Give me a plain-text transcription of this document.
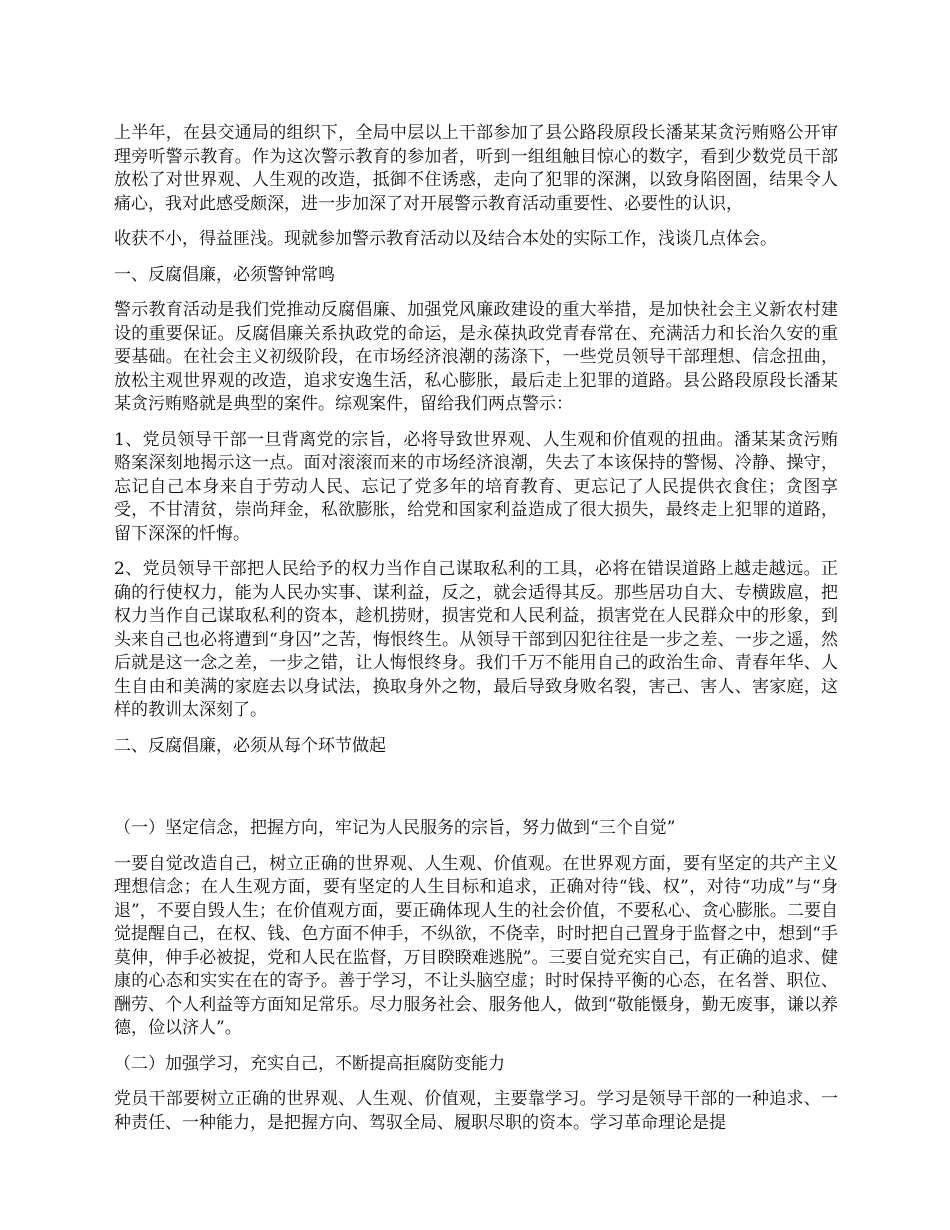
上半年，在县交通局的组织下，全局中层以上干部参加了县公路段原段长潘某某贪污贿赂公开审理旁听警示教育。作为这次警示教育的参加者，听到一组组触目惊心的数字，看到少数党员干部放松了对世界观、人生观的改造，抵御不住诱惑，走向了犯罪的深渊，以致身陷囹圄，结果令人痛心，我对此感受颇深，进一步加深了对开展警示教育活动重要性、必要性的认识，

收获不小，得益匪浅。现就参加警示教育活动以及结合本处的实际工作，浅谈几点体会。

一、反腐倡廉，必须警钟常鸣

警示教育活动是我们党推动反腐倡廉、加强党风廉政建设的重大举措，是加快社会主义新农村建设的重要保证。反腐倡廉关系执政党的命运，是永葆执政党青春常在、充满活力和长治久安的重要基础。在社会主义初级阶段，在市场经济浪潮的荡涤下，一些党员领导干部理想、信念扭曲，放松主观世界观的改造，追求安逸生活，私心膨胀，最后走上犯罪的道路。县公路段原段长潘某某贪污贿赂就是典型的案件。综观案件，留给我们两点警示：

1、党员领导干部一旦背离党的宗旨，必将导致世界观、人生观和价值观的扭曲。潘某某贪污贿赂案深刻地揭示这一点。面对滚滚而来的市场经济浪潮，失去了本该保持的警惕、冷静、操守，忘记自己本身来自于劳动人民、忘记了党多年的培育教育、更忘记了人民提供衣食住；贪图享受，不甘清贫，崇尚拜金，私欲膨胀，给党和国家利益造成了很大损失，最终走上犯罪的道路，留下深深的忏悔。

2、党员领导干部把人民给予的权力当作自己谋取私利的工具，必将在错误道路上越走越远。正确的行使权力，能为人民办实事、谋利益，反之，就会适得其反。那些居功自大、专横跋扈，把权力当作自己谋取私利的资本，趁机捞财，损害党和人民利益，损害党在人民群众中的形象，到头来自己也必将遭到“身囚”之苦，悔恨终生。从领导干部到囚犯往往是一步之差、一步之遥，然后就是这一念之差，一步之错，让人悔恨终身。我们千万不能用自己的政治生命、青春年华、人生自由和美满的家庭去以身试法，换取身外之物，最后导致身败名裂，害己、害人、害家庭，这样的教训太深刻了。

二、反腐倡廉，必须从每个环节做起

（一）坚定信念，把握方向，牢记为人民服务的宗旨，努力做到“三个自觉”

一要自觉改造自己，树立正确的世界观、人生观、价值观。在世界观方面，要有坚定的共产主义理想信念；在人生观方面，要有坚定的人生目标和追求，正确对待“钱、权”，对待“功成”与“身退”，不要自毁人生；在价值观方面，要正确体现人生的社会价值，不要私心、贪心膨胀。二要自觉提醒自己，在权、钱、色方面不伸手，不纵欲，不侥幸，时时把自己置身于监督之中，想到“手莫伸，伸手必被捉，党和人民在监督，万目睽睽难逃脱”。三要自觉充实自己，有正确的追求、健康的心态和实实在在的寄予。善于学习，不让头脑空虚；时时保持平衡的心态，在名誉、职位、酬劳、个人利益等方面知足常乐。尽力服务社会、服务他人，做到“敬能慑身，勤无废事，谦以养德，俭以济人”。

（二）加强学习，充实自己，不断提高拒腐防变能力

党员干部要树立正确的世界观、人生观、价值观，主要靠学习。学习是领导干部的一种追求、一种责任、一种能力，是把握方向、驾驭全局、履职尽职的资本。学习革命理论是提
